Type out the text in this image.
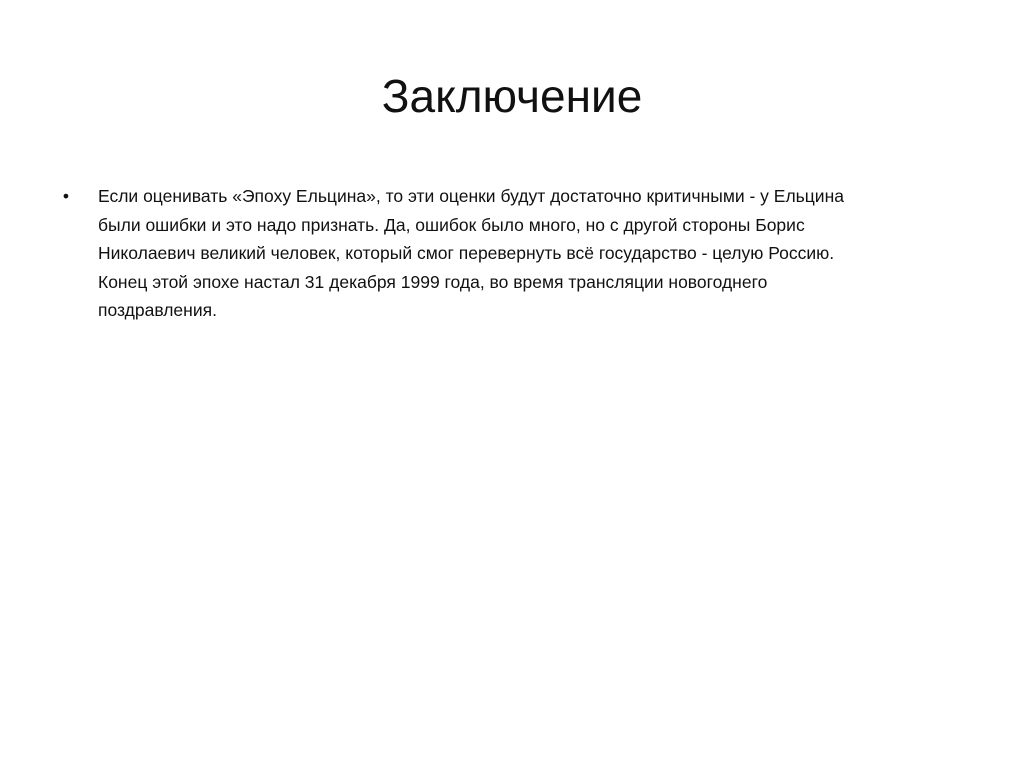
Заключение
• Если оценивать «Эпоху Ельцина», то эти оценки будут достаточно критичными - у Ельцина
были ошибки и это надо признать. Да, ошибок было много, но с другой стороны Борис
Николаевич великий человек, который смог перевернуть всё государство - целую Россию.
Конец этой эпохе настал 31 декабря 1999 года, во время трансляции новогоднего
поздравления.
